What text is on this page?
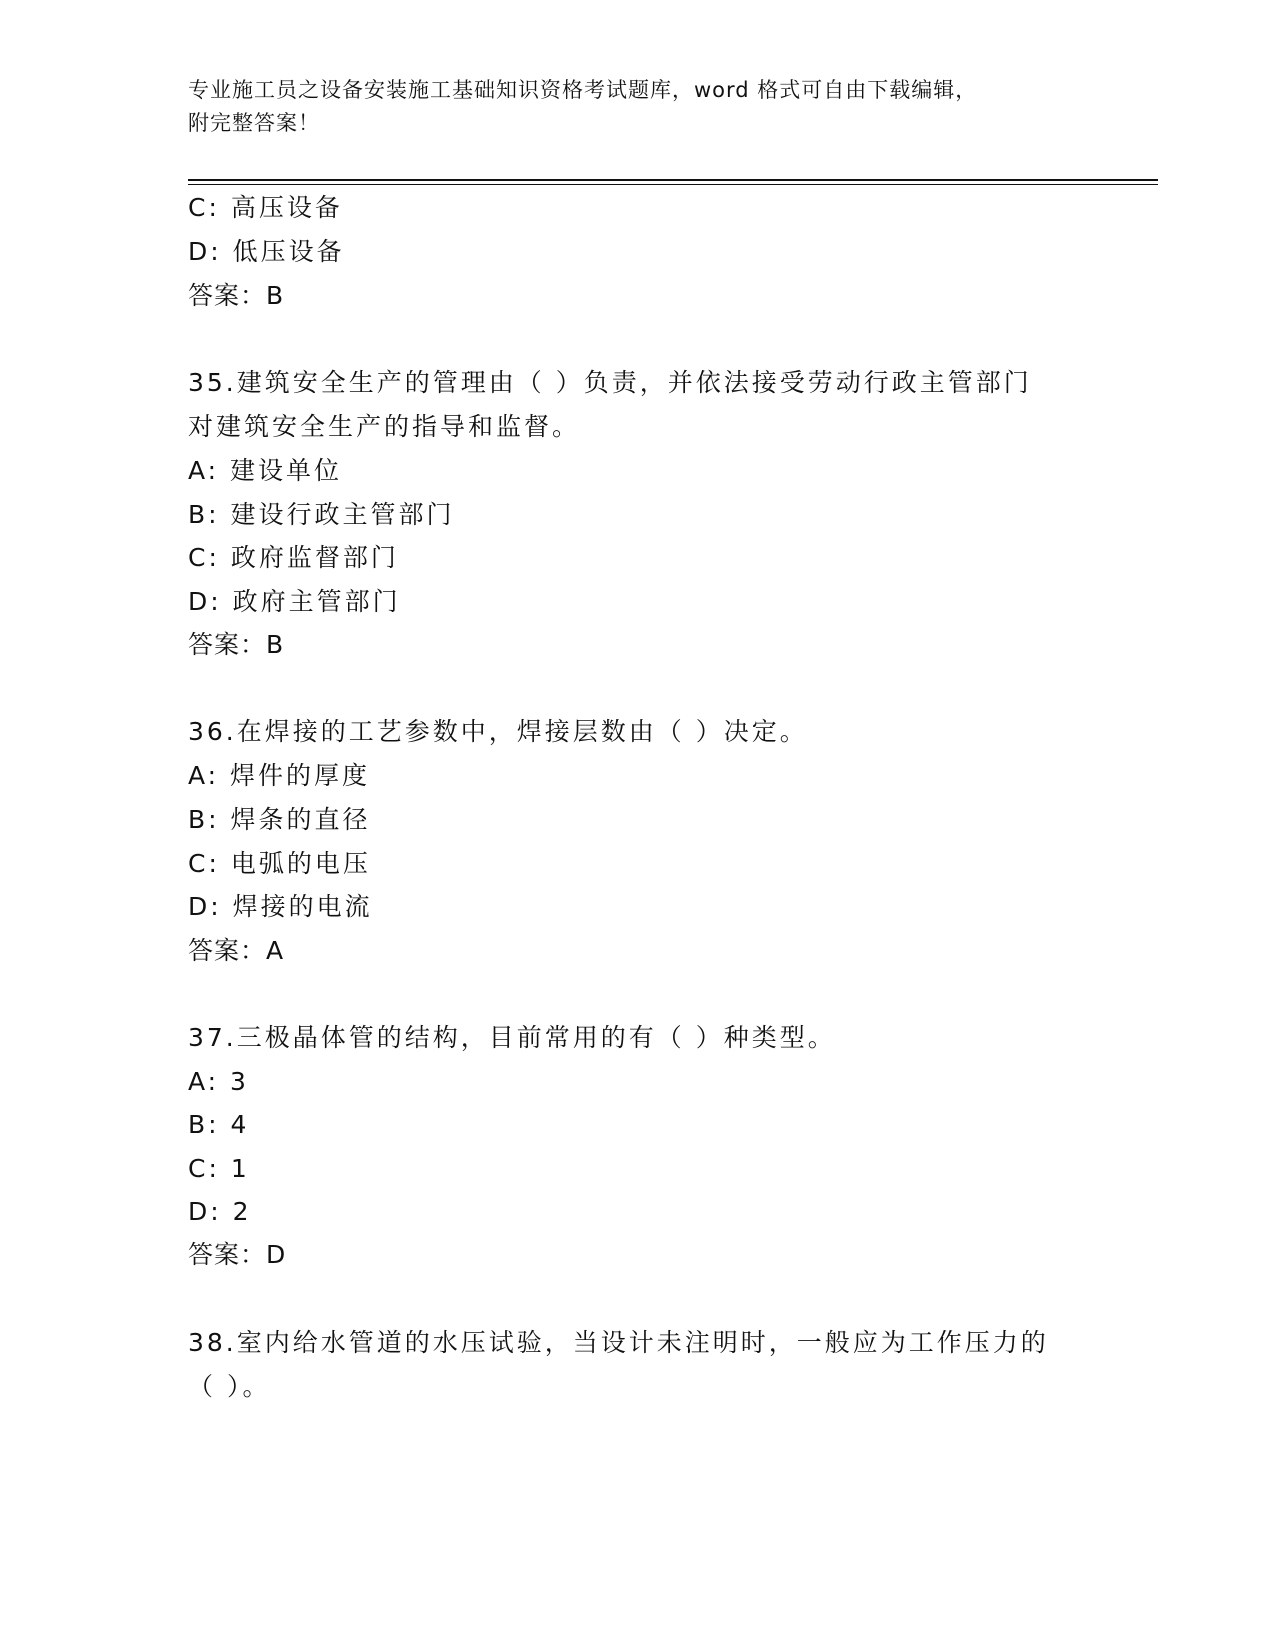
专业施工员之设备安装施工基础知识资格考试题库，word 格式可自由下载编辑，
附完整答案！
C: 高压设备
D: 低压设备
答案：B
35.建筑安全生产的管理由（ ）负责，并依法接受劳动行政主管部门
对建筑安全生产的指导和监督。
A: 建设单位
B: 建设行政主管部门
C: 政府监督部门
D: 政府主管部门
答案：B
36.在焊接的工艺参数中，焊接层数由（ ）决定。
A: 焊件的厚度
B: 焊条的直径
C: 电弧的电压
D: 焊接的电流
答案：A
37.三极晶体管的结构，目前常用的有（ ）种类型。
A: 3
B: 4
C: 1
D: 2
答案：D
38.室内给水管道的水压试验，当设计未注明时，一般应为工作压力的
（ ）。
